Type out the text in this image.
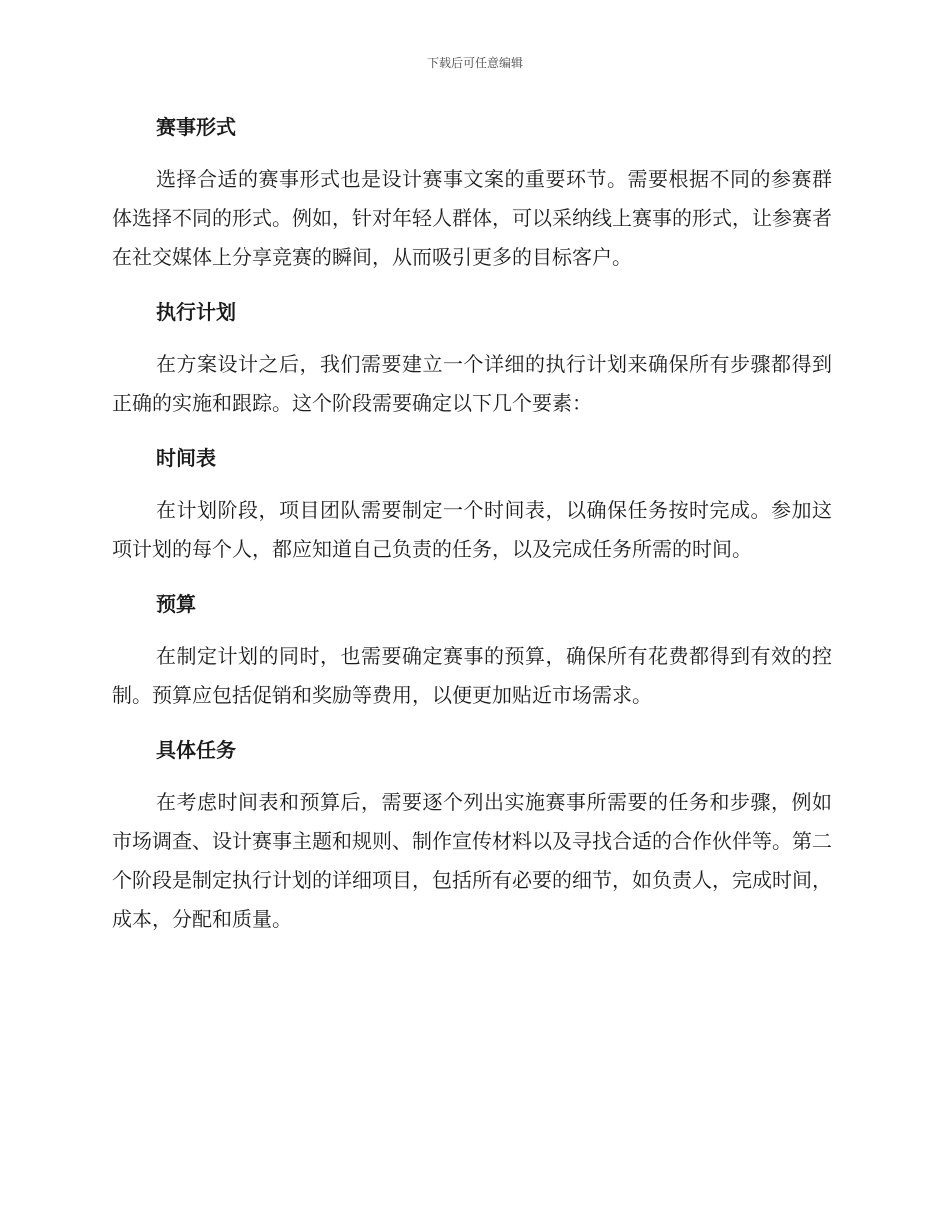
下载后可任意编辑
赛事形式

选择合适的赛事形式也是设计赛事文案的重要环节。需要根据不同的参赛群体选择不同的形式。例如，针对年轻人群体，可以采纳线上赛事的形式，让参赛者在社交媒体上分享竞赛的瞬间，从而吸引更多的目标客户。

执行计划

在方案设计之后，我们需要建立一个详细的执行计划来确保所有步骤都得到正确的实施和跟踪。这个阶段需要确定以下几个要素：

时间表

在计划阶段，项目团队需要制定一个时间表，以确保任务按时完成。参加这项计划的每个人，都应知道自己负责的任务，以及完成任务所需的时间。

预算

在制定计划的同时，也需要确定赛事的预算，确保所有花费都得到有效的控制。预算应包括促销和奖励等费用，以便更加贴近市场需求。

具体任务

在考虑时间表和预算后，需要逐个列出实施赛事所需要的任务和步骤，例如市场调查、设计赛事主题和规则、制作宣传材料以及寻找合适的合作伙伴等。第二个阶段是制定执行计划的详细项目，包括所有必要的细节，如负责人，完成时间，成本，分配和质量。
